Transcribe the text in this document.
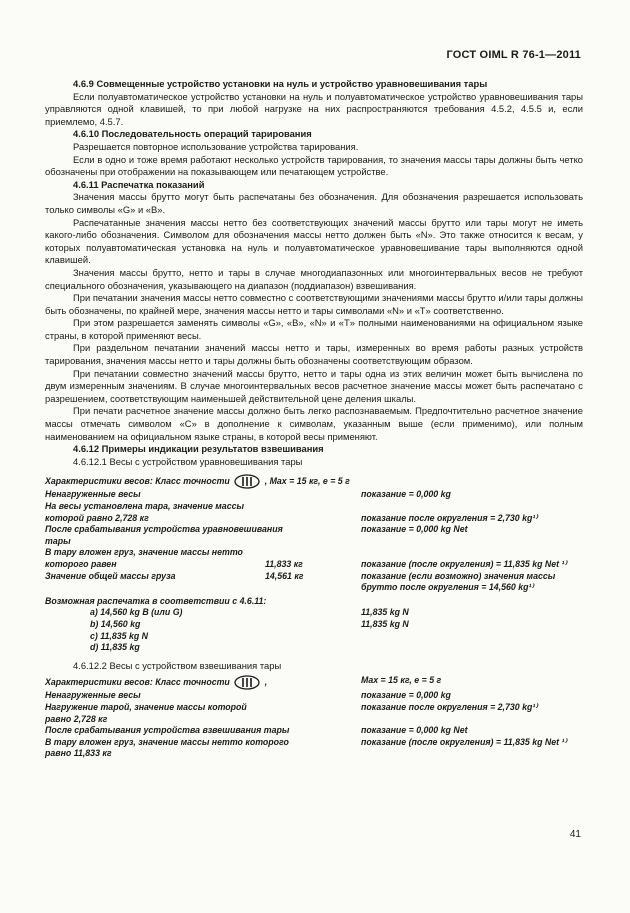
ГОСТ OIML R 76-1—2011

4.6.9 Совмещенные устройство установки на нуль и устройство уравновешивания тары

Если полуавтоматическое устройство установки на нуль и полуавтоматическое устройство уравновешивания тары управляются одной клавишей, то при любой нагрузке на них распространяются требования 4.5.2, 4.5.5 и, если приемлемо, 4.5.7.

4.6.10 Последовательность операций тарирования

Разрешается повторное использование устройства тарирования.

Если в одно и тоже время работают несколько устройств тарирования, то значения массы тары должны быть четко обозначены при отображении на показывающем или печатающем устройстве.

4.6.11 Распечатка показаний

Значения массы брутто могут быть распечатаны без обозначения. Для обозначения разрешается использовать только символы «G» и «B».

Распечатанные значения массы нетто без соответствующих значений массы брутто или тары могут не иметь какого-либо обозначения. Символом для обозначения массы нетто должен быть «N». Это также относится к весам, у которых полуавтоматическая установка на нуль и полуавтоматическое уравновешивание тары выполняются одной клавишей.

Значения массы брутто, нетто и тары в случае многодиапазонных или многоинтервальных весов не требуют специального обозначения, указывающего на диапазон (поддиапазон) взвешивания.

При печатании значения массы нетто совместно с соответствующими значениями массы брутто и/или тары должны быть обозначены, по крайней мере, значения массы нетто и тары символами «N» и «T» соответственно.

При этом разрешается заменять символы «G», «B», «N» и «T» полными наименованиями на официальном языке страны, в которой применяют весы.

При раздельном печатании значений массы нетто и тары, измеренных во время работы разных устройств тарирования, значения массы нетто и тары должны быть обозначены соответствующим образом.

При печатании совместно значений массы брутто, нетто и тары одна из этих величин может быть вычислена по двум измеренным значениям. В случае многоинтервальных весов расчетное значение массы может быть распечатано с разрешением, соответствующим наименьшей действительной цене деления шкалы.

При печати расчетное значение массы должно быть легко распознаваемым. Предпочтительно расчетное значение массы отмечать символом «C» в дополнение к символам, указанным выше (если применимо), или полным наименованием на официальном языке страны, в которой весы применяют.

4.6.12 Примеры индикации результатов взвешивания

4.6.12.1 Весы с устройством уравновешивания тары

Характеристики весов: Класс точности	, Max = 15 кг, e = 5 г
Ненагруженные весы	показание = 0,000 kg
На весы установлена тара, значение массы
которой равно 2,728 кг	показание после округления = 2,730 kg¹⁾
После срабатывания устройства уравновешивания	показание = 0,000 kg Net
тары
В тару вложен груз, значение массы нетто
которого равен	11,833 кг	показание (после округления) = 11,835 kg Net ¹⁾
Значение общей массы груза	14,561 кг	показание (если возможно) значения массы
брутто после округления = 14,560 kg¹⁾
Возможная распечатка в соответствии с 4.6.11:
a) 14,560 kg B (или G)	11,835 kg N
b) 14,560 kg	11,835 kg N
c) 11,835 kg N
d) 11,835 kg

4.6.12.2 Весы с устройством взвешивания тары

Характеристики весов: Класс точности	,	Max = 15 кг, e = 5 г
Ненагруженные весы	показание = 0,000 kg
Нагружение тарой, значение массы которой	показание после округления = 2,730 kg¹⁾
равно 2,728 кг
После срабатывания устройства взвешивания тары	показание = 0,000 kg Net
В тару вложен груз, значение массы нетто которого	показание (после округления) = 11,835 kg Net ¹⁾
равно 11,833 кг
41
